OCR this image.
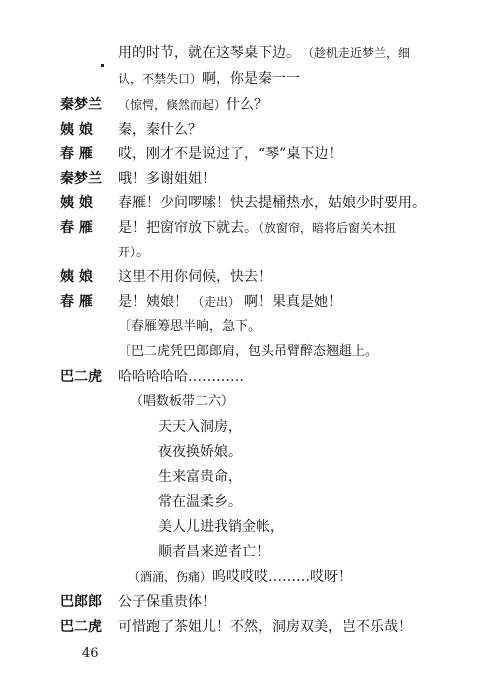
用的时节，就在这琴桌下边。 （趁机走近梦兰，细
认，不禁失口）啊，你是秦一一
秦梦兰	（惊愕，倏然而起）什么？
姨 娘	秦，秦什么？
春 雁	哎，刚才不是说过了，“琴”桌下边！
秦梦兰	哦！多谢姐姐！
姨 娘	春雁！少问啰嗦！快去提桶热水，姑娘少时要用。
春 雁	是！把窗帘放下就去。（放窗帘，暗将后窗关木扭
开）。
姨 娘	这里不用你伺候，快去！
春 雁	是！姨娘！ （走出） 啊！果真是她！
〔春雁筹思半晌，急下。
〔巴二虎凭巴郎郎肩，包头吊臂醉态翘趄上。
巴二虎	哈哈哈哈哈…………
（唱数板带二六）
天天入洞房，
夜夜换娇娘。
生来富贵命，
常在温柔乡。
美人儿进我销金帐，
顺者昌来逆者亡！
（酒涌，伤痛）呜哎哎哎………哎呀！
巴郎郎	公子保重贵体！
巴二虎	可惜跑了茶姐儿！不然，洞房双美，岂不乐哉！
46
